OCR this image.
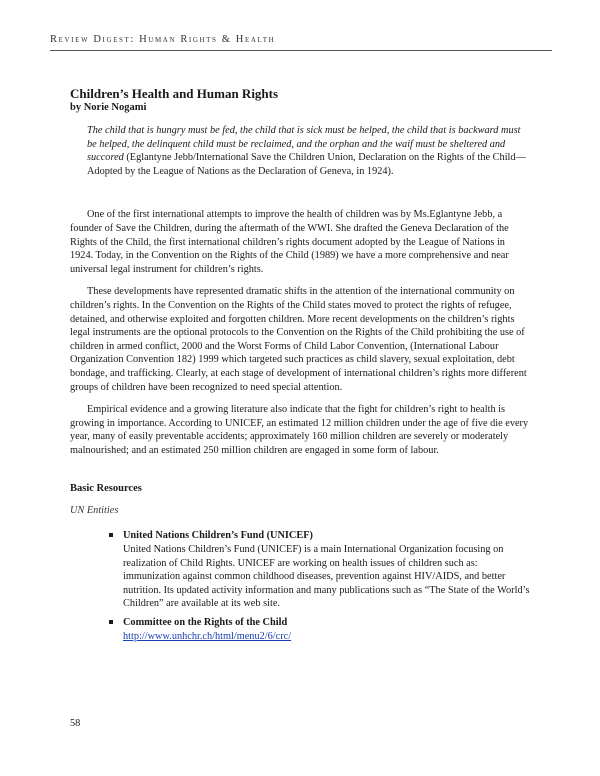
Review Digest: Human Rights & Health
Children’s Health and Human Rights
by Norie Nogami
The child that is hungry must be fed, the child that is sick must be helped, the child that is backward must be helped, the delinquent child must be reclaimed, and the orphan and the waif must be sheltered and succored (Eglantyne Jebb/International Save the Children Union, Declaration on the Rights of the Child—Adopted by the League of Nations as the Declaration of Geneva, in 1924).

One of the first international attempts to improve the health of children was by Ms.Eglantyne Jebb, a founder of Save the Children, during the aftermath of the WWI. She drafted the Geneva Declaration of the Rights of the Child, the first international children’s rights document adopted by the League of Nations in 1924. Today, in the Convention on the Rights of the Child (1989) we have a more comprehensive and near universal legal instrument for children’s rights.

These developments have represented dramatic shifts in the attention of the international community on children’s rights. In the Convention on the Rights of the Child states moved to protect the rights of refugee, detained, and otherwise exploited and forgotten children. More recent developments on the children’s rights legal instruments are the optional protocols to the Convention on the Rights of the Child prohibiting the use of children in armed conflict, 2000 and the Worst Forms of Child Labor Convention, (International Labour Organization Convention 182) 1999 which targeted such practices as child slavery, sexual exploitation, debt bondage, and trafficking. Clearly, at each stage of development of international children’s rights more different groups of children have been recognized to need special attention.

Empirical evidence and a growing literature also indicate that the fight for children’s right to health is growing in importance. According to UNICEF, an estimated 12 million children under the age of five die every year, many of easily preventable accidents; approximately 160 million children are severely or moderately malnourished; and an estimated 250 million children are engaged in some form of labour.

Basic Resources
UN Entities
United Nations Children’s Fund (UNICEF)
United Nations Children’s Fund (UNICEF) is a main International Organization focusing on realization of Child Rights. UNICEF are working on health issues of children such as: immunization against common childhood diseases, prevention against HIV/AIDS, and better nutrition. Its updated activity information and many publications such as “The State of the World’s Children” are available at its web site.
Committee on the Rights of the Child
http://www.unhchr.ch/html/menu2/6/crc/
58
